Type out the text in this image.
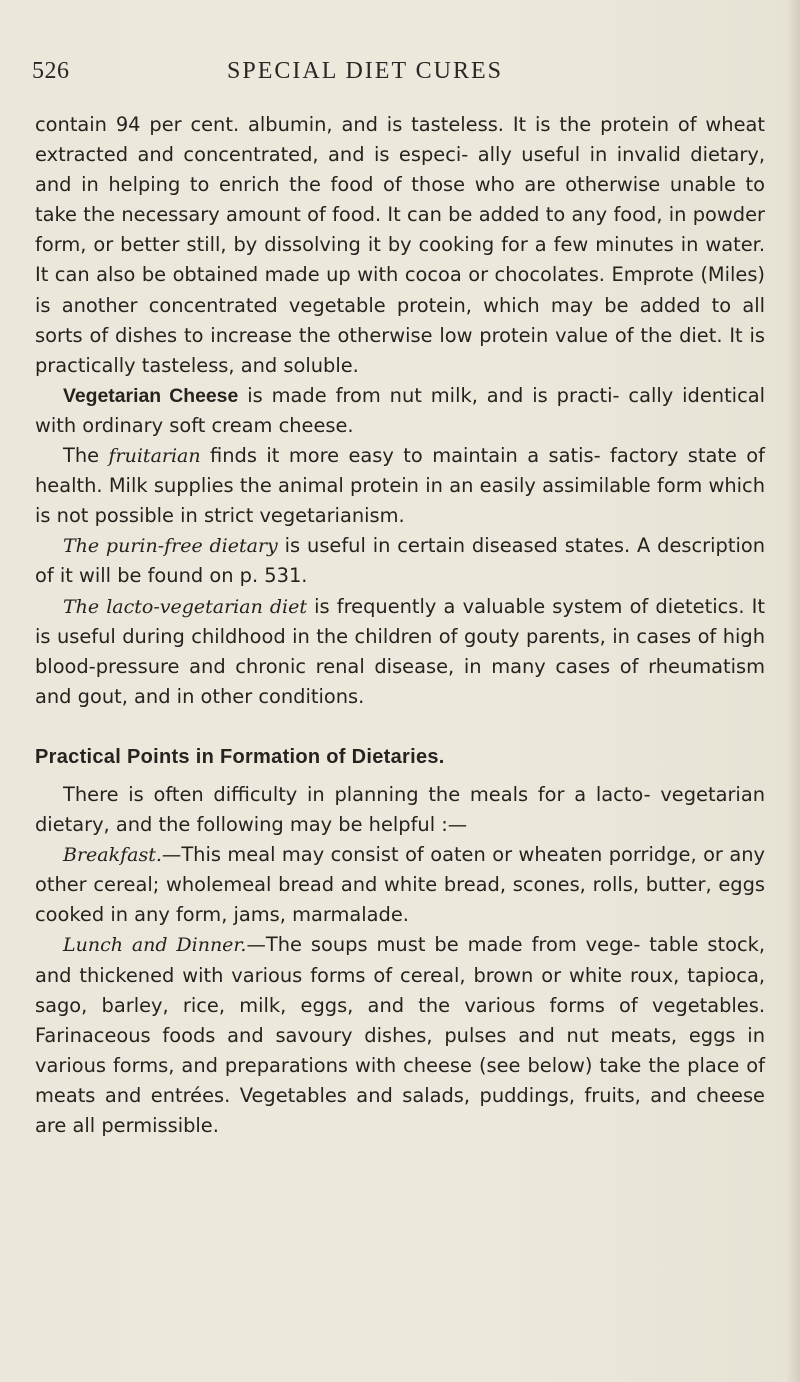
526	SPECIAL DIET CURES

contain 94 per cent. albumin, and is tasteless. It is the protein of wheat extracted and concentrated, and is especi- ally useful in invalid dietary, and in helping to enrich the food of those who are otherwise unable to take the necessary amount of food. It can be added to any food, in powder form, or better still, by dissolving it by cooking for a few minutes in water. It can also be obtained made up with cocoa or chocolates. Emprote (Miles) is another concentrated vegetable protein, which may be added to all sorts of dishes to increase the otherwise low protein value of the diet. It is practically tasteless, and soluble.

Vegetarian Cheese is made from nut milk, and is practi- cally identical with ordinary soft cream cheese.

The fruitarian finds it more easy to maintain a satis- factory state of health. Milk supplies the animal protein in an easily assimilable form which is not possible in strict vegetarianism.

The purin-free dietary is useful in certain diseased states. A description of it will be found on p. 531.

The lacto-vegetarian diet is frequently a valuable system of dietetics. It is useful during childhood in the children of gouty parents, in cases of high blood-pressure and chronic renal disease, in many cases of rheumatism and gout, and in other conditions.

Practical Points in Formation of Dietaries.

There is often difficulty in planning the meals for a lacto- vegetarian dietary, and the following may be helpful :—

Breakfast.—This meal may consist of oaten or wheaten porridge, or any other cereal; wholemeal bread and white bread, scones, rolls, butter, eggs cooked in any form, jams, marmalade.

Lunch and Dinner.—The soups must be made from vege- table stock, and thickened with various forms of cereal, brown or white roux, tapioca, sago, barley, rice, milk, eggs, and the various forms of vegetables. Farinaceous foods and savoury dishes, pulses and nut meats, eggs in various forms, and preparations with cheese (see below) take the place of meats and entrées. Vegetables and salads, puddings, fruits, and cheese are all permissible.
